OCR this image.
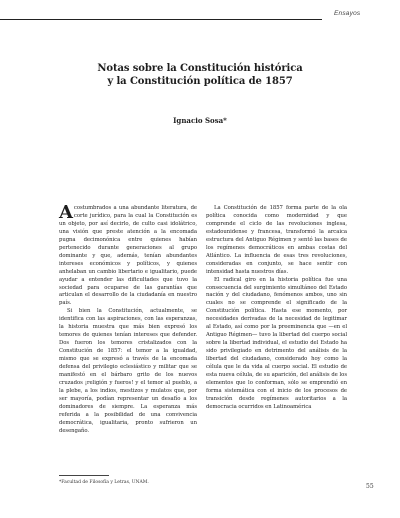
Ensayos
Notas sobre la Constitución histórica
y la Constitución política de 1857
Ignacio Sosa*

Acostumbrados a una abundante literatura, de corte jurídico, para la cual la Constitución es un objeto, por así decirlo, de culto casi idolátrico, una visión que preste atención a la encomada pugna decimonónica entre quienes habían pertenecido durante generaciones al grupo dominante y que, además, tenían abundantes intereses económicos y políticos, y quienes anhelaban un cambio libertario e igualitario, puede ayudar a entender las dificultades que tuvo la sociedad para ocuparse de las garantías que articulan el desarrollo de la ciudadanía en nuestro país.

Si bien la Constitución, actualmente, se identifica con las aspiraciones, con las esperanzas, la historia muestra que más bien expresó los temores de quienes tenían intereses que defender. Dos fueron los temores cristalizados con la Constitución de 1857: el temor a la igualdad, mismo que se expresó a través de la encomada defensa del privilegio eclesiástico y militar que se manifestó en el bárbaro grito de los nuevos cruzados ¡religión y fueros! y el temor al pueblo, a la plebe, a los indios, mestizos y mulatos que, por ser mayoría, podían representar un desafío a los dominadores de siempre. La esperanza más referida a la posibilidad de una convivencia democrática, igualitaria, pronto sufrieron un desengaño.

La Constitución de 1857 forma parte de la ola política conocida como modernidad y que comprende el ciclo de las revoluciones inglesa, estadounidense y francesa, transformó la arcaica estructura del Antiguo Régimen y sentó las bases de los regímenes democráticos en ambas costas del Atlántico. La influencia de esas tres revoluciones, consideradas en conjunto, se hace sentir con intensidad hasta nuestros días.

El radical giro en la historia política fue una consecuencia del surgimiento simultáneo del Estado nación y del ciudadano, fenómenos ambos, uno sin cuales no se comprende el significado de la Constitución política. Hasta ese momento, por necesidades derivadas de la necesidad de legitimar al Estado, así como por la preeminencia que —en el Antiguo Régimen— tuvo la libertad del cuerpo social sobre la libertad individual, el estudio del Estado ha sido privilegiado en detrimento del análisis de la libertad del ciudadano, considerado hoy como la célula que le da vida al cuerpo social. El estudio de esta nueva célula, de su aparición, del análisis de los elementos que lo conforman, sólo se emprendió en forma sistemática con el inicio de los procesos de transición desde regímenes autoritarios a la democracia ocurridos en Latinoamérica

*Facultad de Filosofía y Letras, UNAM.
55
